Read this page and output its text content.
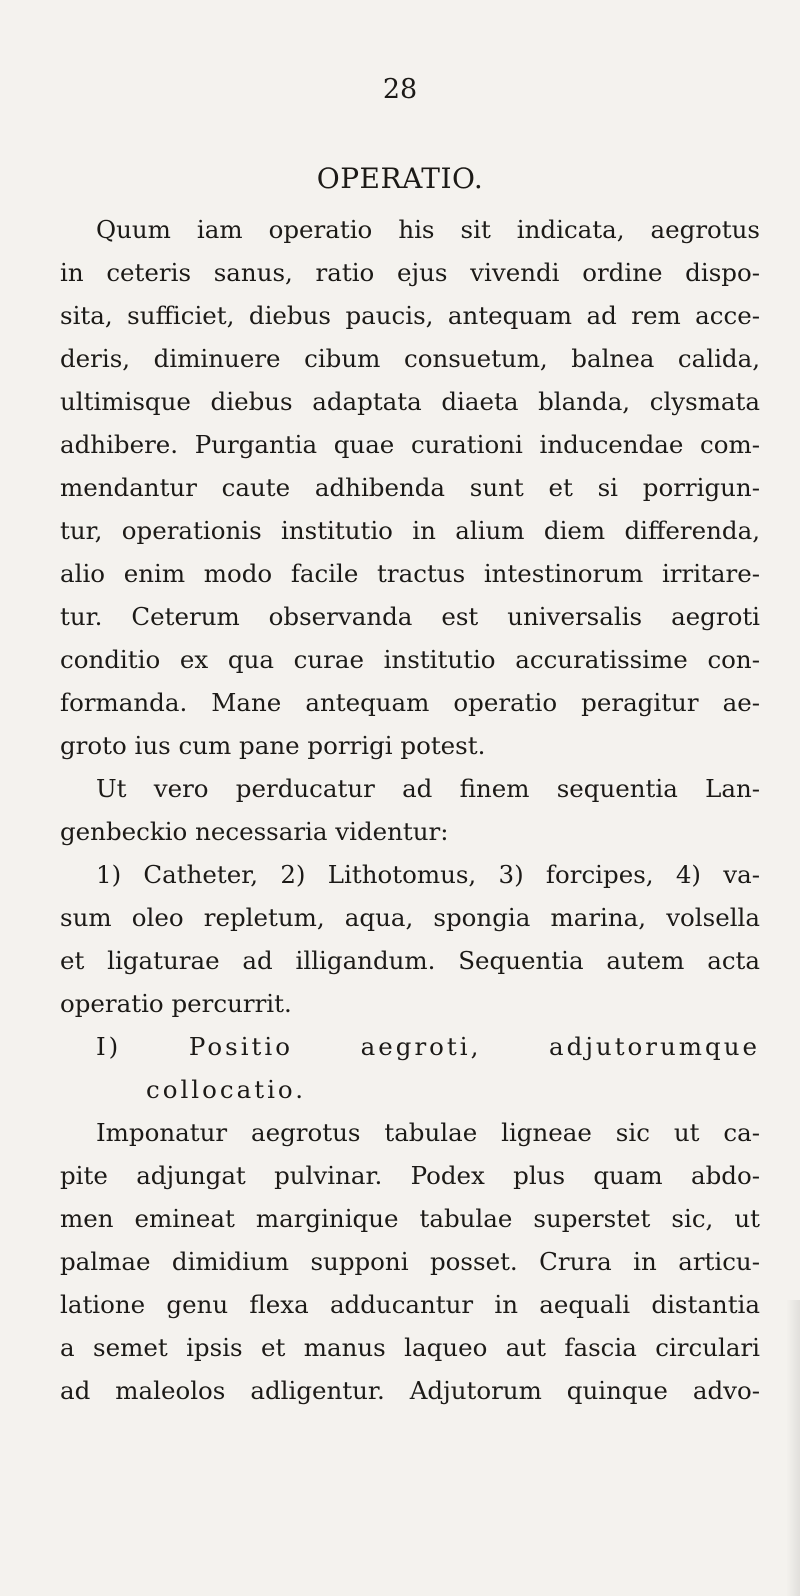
28
OPERATIO.
Quum iam operatio his sit indicata, aegrotus
in ceteris sanus, ratio ejus vivendi ordine dispo-
sita, sufficiet, diebus paucis, antequam ad rem acce-
deris, diminuere cibum consuetum, balnea calida,
ultimisque diebus adaptata diaeta blanda, clysmata
adhibere. Purgantia quae curationi inducendae com-
mendantur caute adhibenda sunt et si porrigun-
tur, operationis institutio in alium diem differenda,
alio enim modo facile tractus intestinorum irritare-
tur. Ceterum observanda est universalis aegroti
conditio ex qua curae institutio accuratissime con-
formanda. Mane antequam operatio peragitur ae-
groto ius cum pane porrigi potest.
Ut vero perducatur ad finem sequentia Lan-
genbeckio necessaria videntur:
1) Catheter, 2) Lithotomus, 3) forcipes, 4) va-
sum oleo repletum, aqua, spongia marina, volsella
et ligaturae ad illigandum. Sequentia autem acta
operatio percurrit.
I) Positio aegroti, adjutorumque
collocatio.
Imponatur aegrotus tabulae ligneae sic ut ca-
pite adjungat pulvinar. Podex plus quam abdo-
men emineat marginique tabulae superstet sic, ut
palmae dimidium supponi posset. Crura in articu-
latione genu flexa adducantur in aequali distantia
a semet ipsis et manus laqueo aut fascia circulari
ad maleolos adligentur. Adjutorum quinque advo-
